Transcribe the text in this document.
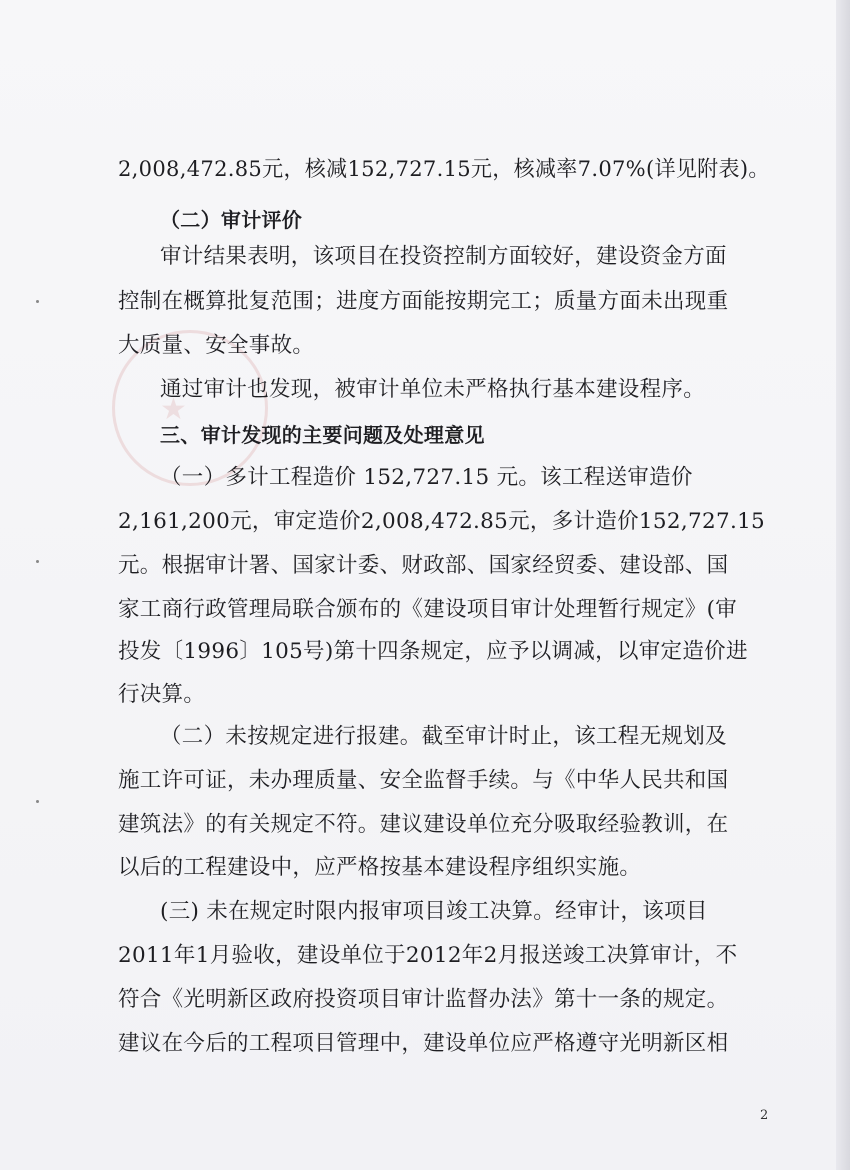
★
2,008,472.85元，核减152,727.15元，核减率7.07%(详见附表)。
（二）审计评价
审计结果表明，该项目在投资控制方面较好，建设资金方面
控制在概算批复范围；进度方面能按期完工；质量方面未出现重
大质量、安全事故。
通过审计也发现，被审计单位未严格执行基本建设程序。
三、审计发现的主要问题及处理意见
（一）多计工程造价 152,727.15 元。该工程送审造价
2,161,200元，审定造价2,008,472.85元，多计造价152,727.15
元。根据审计署、国家计委、财政部、国家经贸委、建设部、国
家工商行政管理局联合颁布的《建设项目审计处理暂行规定》(审
投发〔1996〕105号)第十四条规定，应予以调减，以审定造价进
行决算。
（二）未按规定进行报建。截至审计时止，该工程无规划及
施工许可证，未办理质量、安全监督手续。与《中华人民共和国
建筑法》的有关规定不符。建议建设单位充分吸取经验教训，在
以后的工程建设中，应严格按基本建设程序组织实施。
(三) 未在规定时限内报审项目竣工决算。经审计，该项目
2011年1月验收，建设单位于2012年2月报送竣工决算审计，不
符合《光明新区政府投资项目审计监督办法》第十一条的规定。
建议在今后的工程项目管理中，建设单位应严格遵守光明新区相
2
